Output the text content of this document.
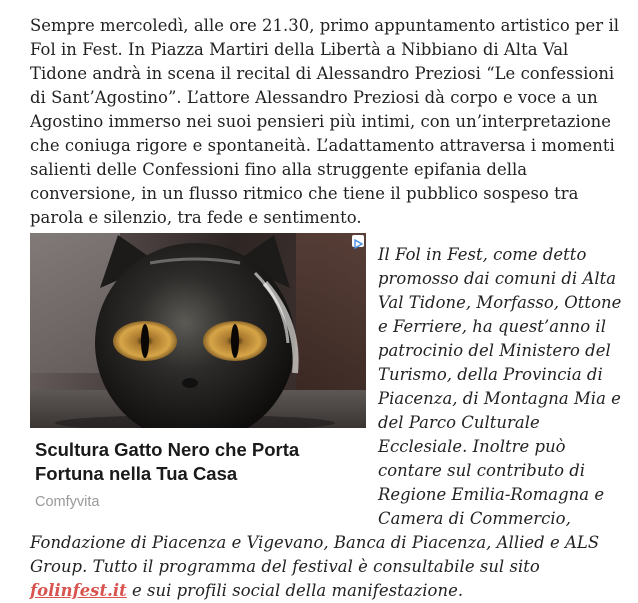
Sempre mercoledì, alle ore 21.30, primo appuntamento artistico per il Fol in Fest. In Piazza Martiri della Libertà a Nibbiano di Alta Val Tidone andrà in scena il recital di Alessandro Preziosi “Le confessioni di Sant’Agostino”. L’attore Alessandro Preziosi dà corpo e voce a un Agostino immerso nei suoi pensieri più intimi, con un’interpretazione che coniuga rigore e spontaneità. L’adattamento attraversa i momenti salienti delle Confessioni fino alla struggente epifania della conversione, in un flusso ritmico che tiene il pubblico sospeso tra parola e silenzio, tra fede e sentimento.

Scultura Gatto Nero che Porta Fortuna nella Tua Casa
Comfyvita

Il Fol in Fest, come detto promosso dai comuni di Alta Val Tidone, Morfasso, Ottone e Ferriere, ha quest’anno il patrocinio del Ministero del Turismo, della Provincia di Piacenza, di Montagna Mia e del Parco Culturale Ecclesiale. Inoltre può contare sul contributo di Regione Emilia-Romagna e Camera di Commercio, Fondazione di Piacenza e Vigevano, Banca di Piacenza, Allied e ALS Group. Tutto il programma del festival è consultabile sul sito folinfest.it e sui profili social della manifestazione.
